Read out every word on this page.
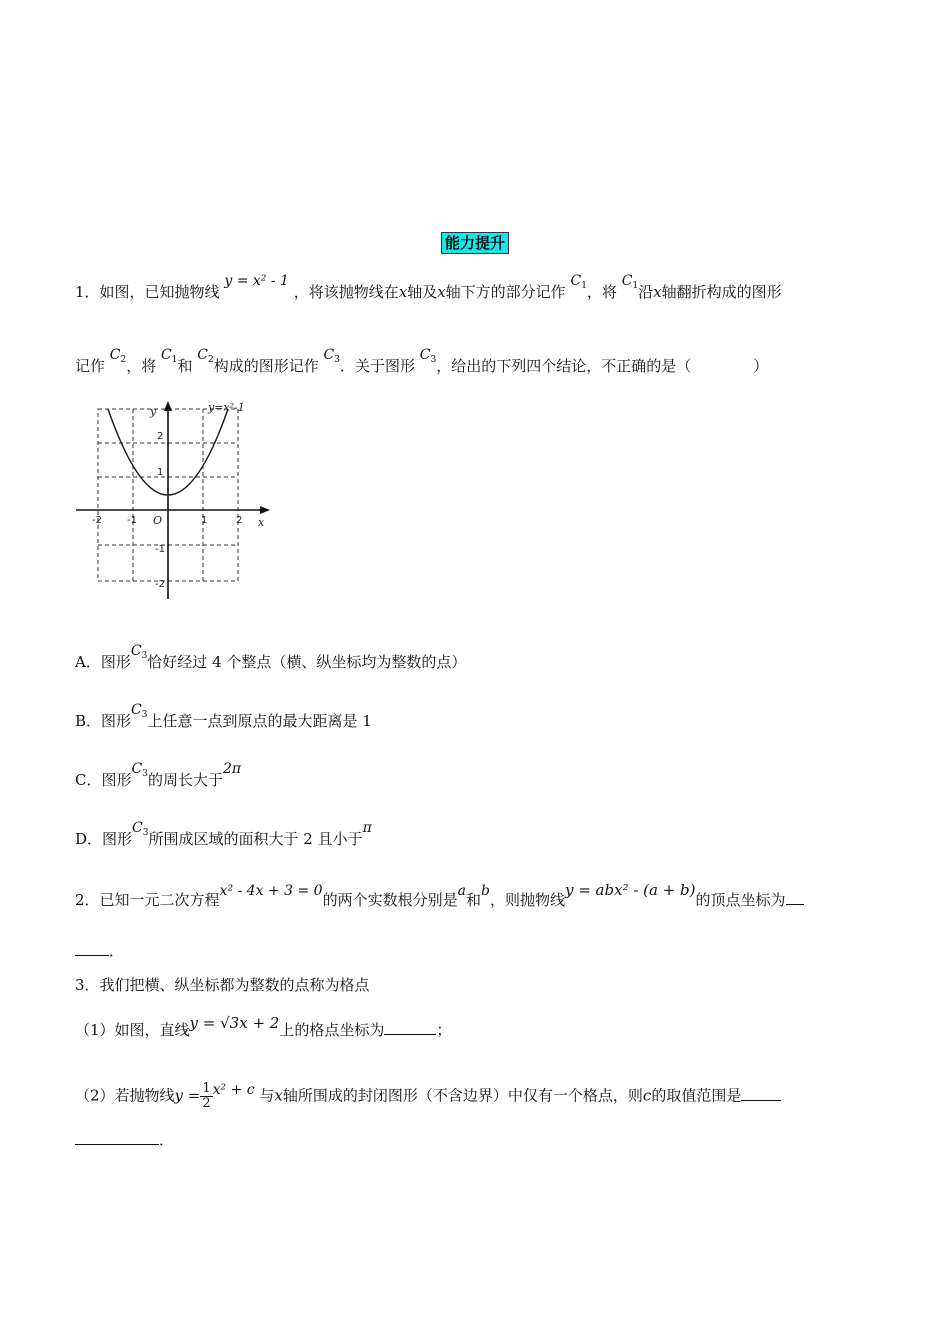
能力提升
1．如图，已知抛物线 y = x² - 1 ，将该抛物线在x轴及x轴下方的部分记作 $C_1$，将 $C_1$沿x轴翻折构成的图形
记作 $C_2$，将 $C_1$和 $C_2$构成的图形记作 $C_3$．关于图形 $C_3$，给出的下列四个结论，不正确的是（	）
y=x²-1
x
y
O
-2	-1	1	2
2
1
-1
-2
A．图形$C_3$恰好经过 4 个整点（横、纵坐标均为整数的点）
B．图形$C_3$上任意一点到原点的最大距离是 1
C．图形$C_3$的周长大于2π
D．图形$C_3$所围成区域的面积大于 2 且小于π
2．已知一元二次方程x² - 4x + 3 = 0的两个实数根分别是a和b，则抛物线y = abx² - (a + b)的顶点坐标为
．
3．我们把横、纵坐标都为整数的点称为格点
（1）如图，直线y = √3x + 2上的格点坐标为	；
（2）若抛物线$y = \frac{1}{2}x^2 + c$ 与x轴所围成的封闭图形（不含边界）中仅有一个格点，则c的取值范围是
．
